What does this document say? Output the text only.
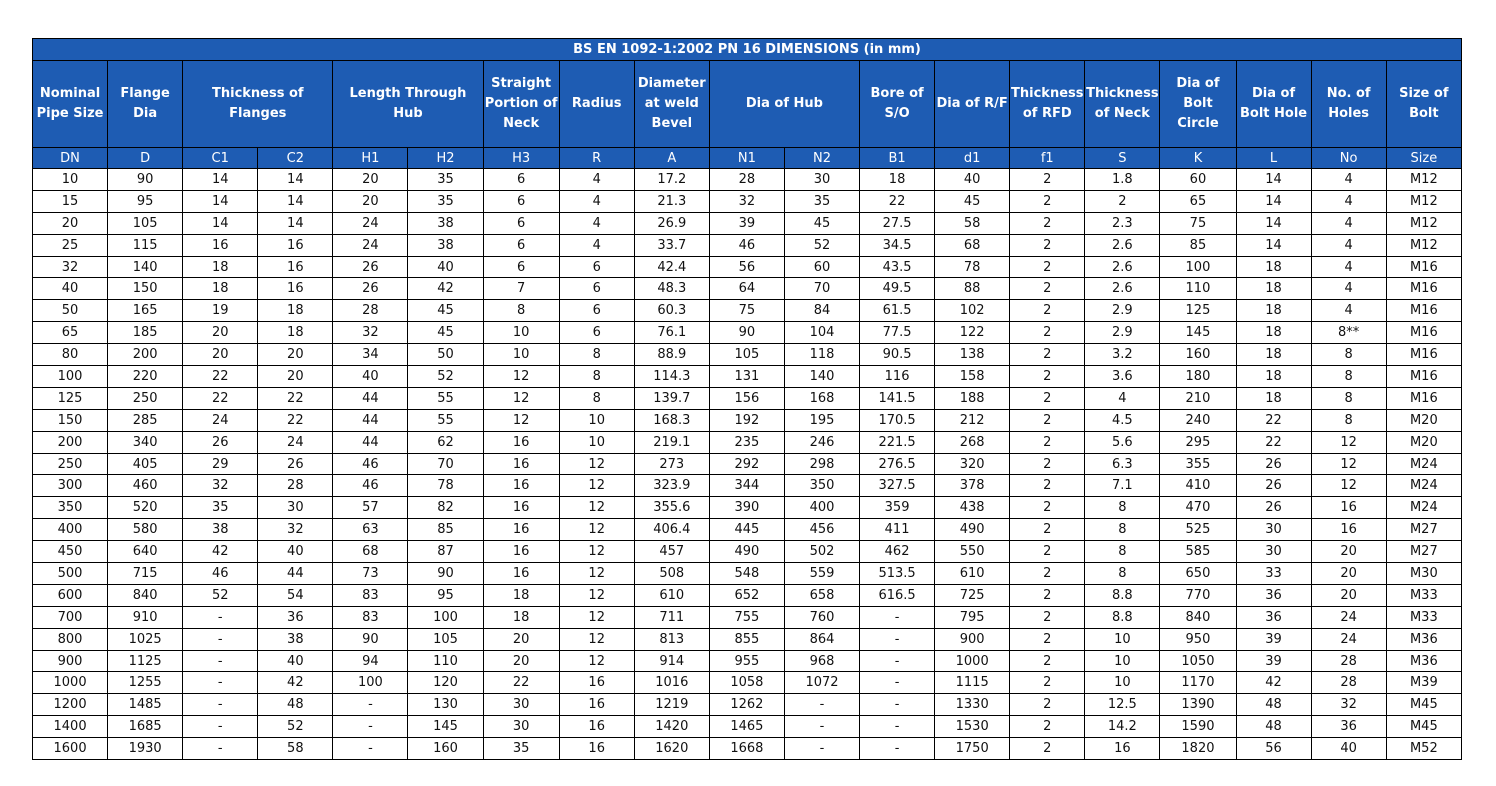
BS EN 1092-1:2002 PN 16 DIMENSIONS (in mm)																		
Nominal Pipe Size	Flange Dia	Thickness of Flanges		Length Through Hub		Straight Portion of Neck	Radius	Diameter at weld Bevel	Dia of Hub		Bore of S/O	Dia of R/F	Thickness of RFD	Thickness of Neck	Dia of Bolt Circle	Dia of Bolt Hole	No. of Holes	Size of Bolt
DN	D	C1	C2	H1	H2	H3	R	A	N1	N2	B1	d1	f1	S	K	L	No	Size
10	90	14	14	20	35	6	4	17.2	28	30	18	40	2	1.8	60	14	4	M12
15	95	14	14	20	35	6	4	21.3	32	35	22	45	2	2	65	14	4	M12
20	105	14	14	24	38	6	4	26.9	39	45	27.5	58	2	2.3	75	14	4	M12
25	115	16	16	24	38	6	4	33.7	46	52	34.5	68	2	2.6	85	14	4	M12
32	140	18	16	26	40	6	6	42.4	56	60	43.5	78	2	2.6	100	18	4	M16
40	150	18	16	26	42	7	6	48.3	64	70	49.5	88	2	2.6	110	18	4	M16
50	165	19	18	28	45	8	6	60.3	75	84	61.5	102	2	2.9	125	18	4	M16
65	185	20	18	32	45	10	6	76.1	90	104	77.5	122	2	2.9	145	18	8**	M16
80	200	20	20	34	50	10	8	88.9	105	118	90.5	138	2	3.2	160	18	8	M16
100	220	22	20	40	52	12	8	114.3	131	140	116	158	2	3.6	180	18	8	M16
125	250	22	22	44	55	12	8	139.7	156	168	141.5	188	2	4	210	18	8	M16
150	285	24	22	44	55	12	10	168.3	192	195	170.5	212	2	4.5	240	22	8	M20
200	340	26	24	44	62	16	10	219.1	235	246	221.5	268	2	5.6	295	22	12	M20
250	405	29	26	46	70	16	12	273	292	298	276.5	320	2	6.3	355	26	12	M24
300	460	32	28	46	78	16	12	323.9	344	350	327.5	378	2	7.1	410	26	12	M24
350	520	35	30	57	82	16	12	355.6	390	400	359	438	2	8	470	26	16	M24
400	580	38	32	63	85	16	12	406.4	445	456	411	490	2	8	525	30	16	M27
450	640	42	40	68	87	16	12	457	490	502	462	550	2	8	585	30	20	M27
500	715	46	44	73	90	16	12	508	548	559	513.5	610	2	8	650	33	20	M30
600	840	52	54	83	95	18	12	610	652	658	616.5	725	2	8.8	770	36	20	M33
700	910	-	36	83	100	18	12	711	755	760	-	795	2	8.8	840	36	24	M33
800	1025	-	38	90	105	20	12	813	855	864	-	900	2	10	950	39	24	M36
900	1125	-	40	94	110	20	12	914	955	968	-	1000	2	10	1050	39	28	M36
1000	1255	-	42	100	120	22	16	1016	1058	1072	-	1115	2	10	1170	42	28	M39
1200	1485	-	48	-	130	30	16	1219	1262	-	-	1330	2	12.5	1390	48	32	M45
1400	1685	-	52	-	145	30	16	1420	1465	-	-	1530	2	14.2	1590	48	36	M45
1600	1930	-	58	-	160	35	16	1620	1668	-	-	1750	2	16	1820	56	40	M52
